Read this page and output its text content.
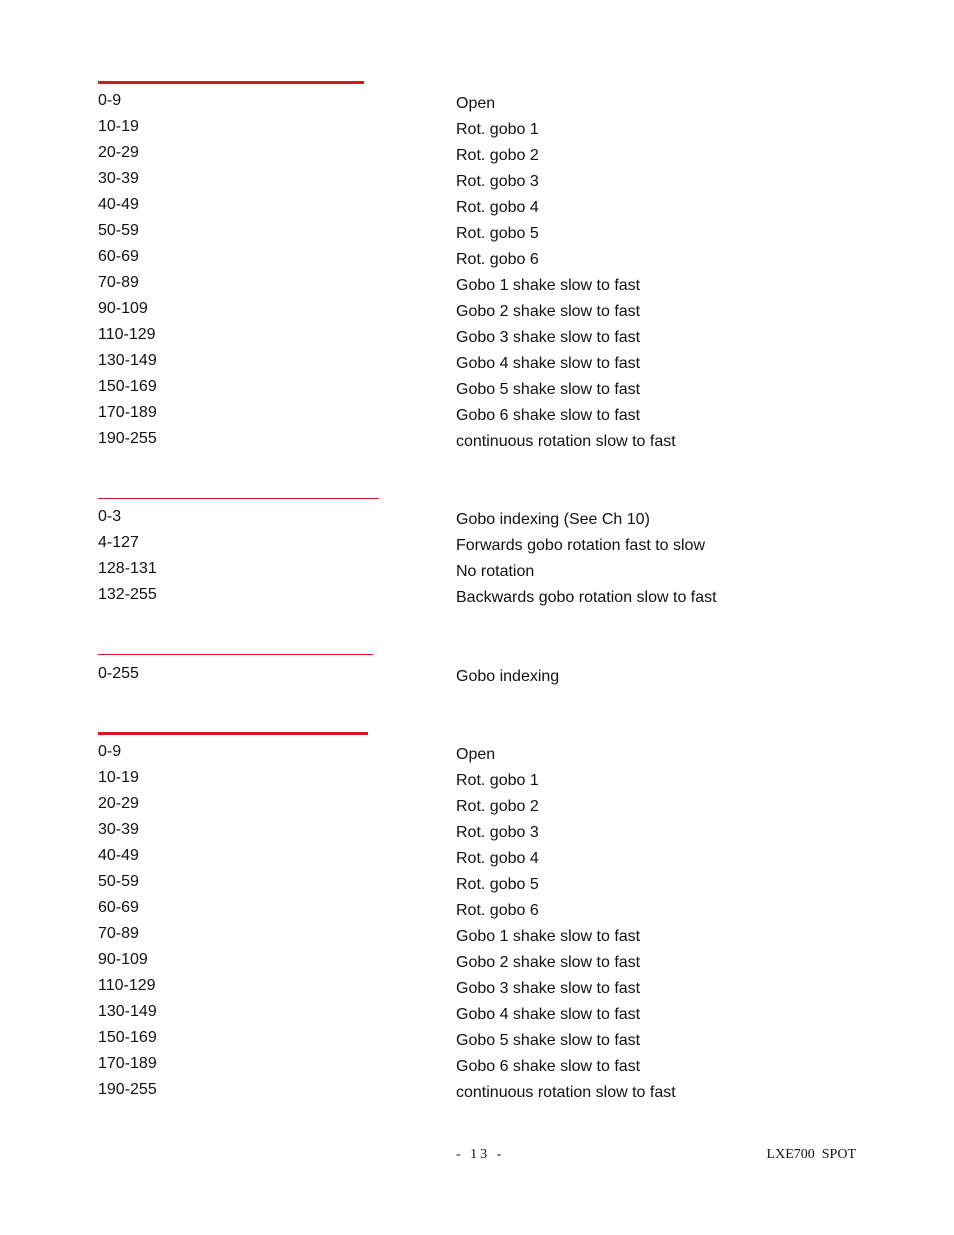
0-9	Open
10-19	Rot. gobo 1
20-29	Rot. gobo 2
30-39	Rot. gobo 3
40-49	Rot. gobo 4
50-59	Rot. gobo 5
60-69	Rot. gobo 6
70-89	Gobo 1 shake slow to fast
90-109	Gobo 2 shake slow to fast
110-129	Gobo 3 shake slow to fast
130-149	Gobo 4 shake slow to fast
150-169	Gobo 5 shake slow to fast
170-189	Gobo 6 shake slow to fast
190-255	continuous rotation slow to fast
0-3	Gobo indexing (See Ch 10)
4-127	Forwards gobo rotation fast to slow
128-131	No rotation
132-255	Backwards gobo rotation slow to fast
0-255	Gobo indexing
0-9	Open
10-19	Rot. gobo 1
20-29	Rot. gobo 2
30-39	Rot. gobo 3
40-49	Rot. gobo 4
50-59	Rot. gobo 5
60-69	Rot. gobo 6
70-89	Gobo 1 shake slow to fast
90-109	Gobo 2 shake slow to fast
110-129	Gobo 3 shake slow to fast
130-149	Gobo 4 shake slow to fast
150-169	Gobo 5 shake slow to fast
170-189	Gobo 6 shake slow to fast
190-255	continuous rotation slow to fast
- 13 -	LXE700  SPOT
